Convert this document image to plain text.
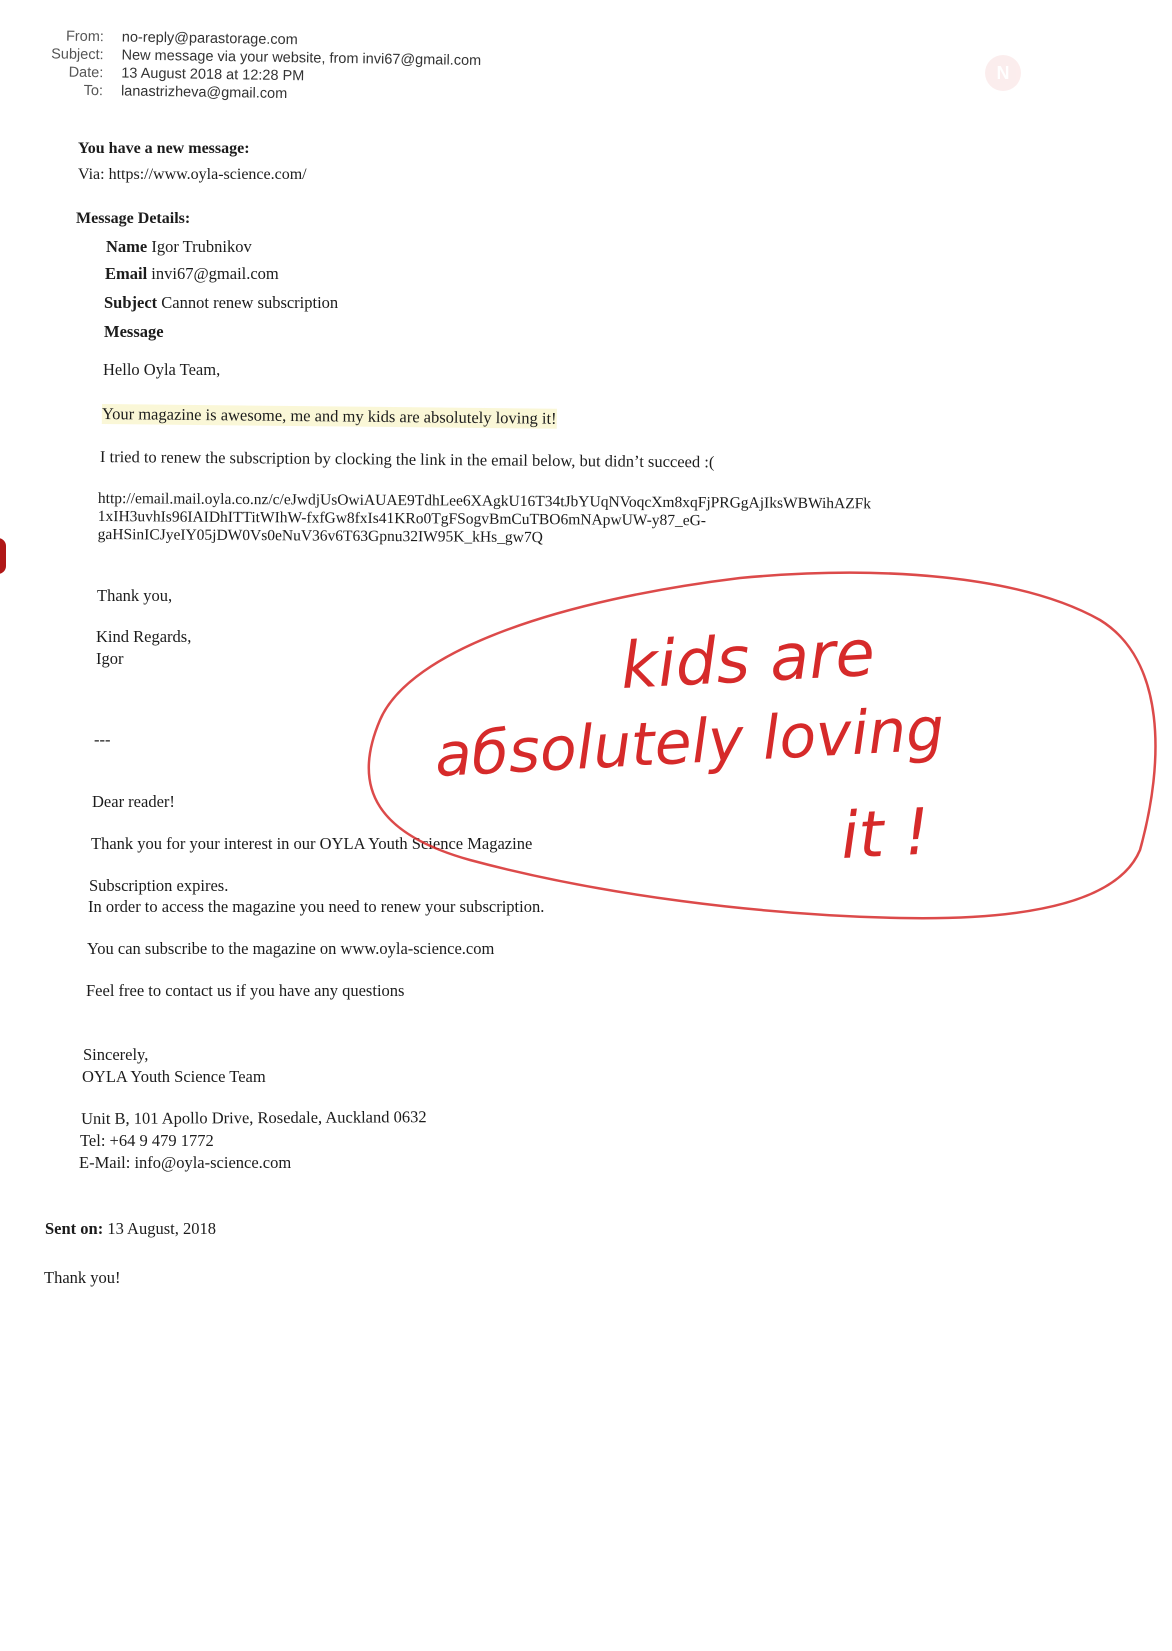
From: no-reply@parastorage.com
Subject: New message via your website, from invi67@gmail.com
Date: 13 August 2018 at 12:28 PM
To: lanastrizheva@gmail.com
N
You have a new message:
Via: https://www.oyla-science.com/
Message Details:
Name Igor Trubnikov
Email invi67@gmail.com
Subject Cannot renew subscription
Message
Hello Oyla Team,
Your magazine is awesome, me and my kids are absolutely loving it!
I tried to renew the subscription by clocking the link in the email below, but didn’t succeed :(
http://email.mail.oyla.co.nz/c/eJwdjUsOwiAUAE9TdhLee6XAgkU16T34tJbYUqNVoqcXm8xqFjPRGgAjIksWBWihAZFk
1xIH3uvhIs96IAIDhITTitWIhW-fxfGw8fxIs41KRo0TgFSogvBmCuTBO6mNApwUW-y87_eG-
gaHSinICJyeIY05jDW0Vs0eNuV36v6T63Gpnu32IW95K_kHs_gw7Q
Thank you,
Kind Regards,
Igor
---
Dear reader!
Thank you for your interest in our OYLA Youth Science Magazine
Subscription expires.
In order to access the magazine you need to renew your subscription.
You can subscribe to the magazine on www.oyla-science.com
Feel free to contact us if you have any questions
Sincerely,
OYLA Youth Science Team
Unit B, 101 Apollo Drive, Rosedale, Auckland 0632
Tel: +64 9 479 1772
E-Mail: info@oyla-science.com
Sent on: 13 August, 2018
Thank you!
kids are
aбsolutely loving
it !
